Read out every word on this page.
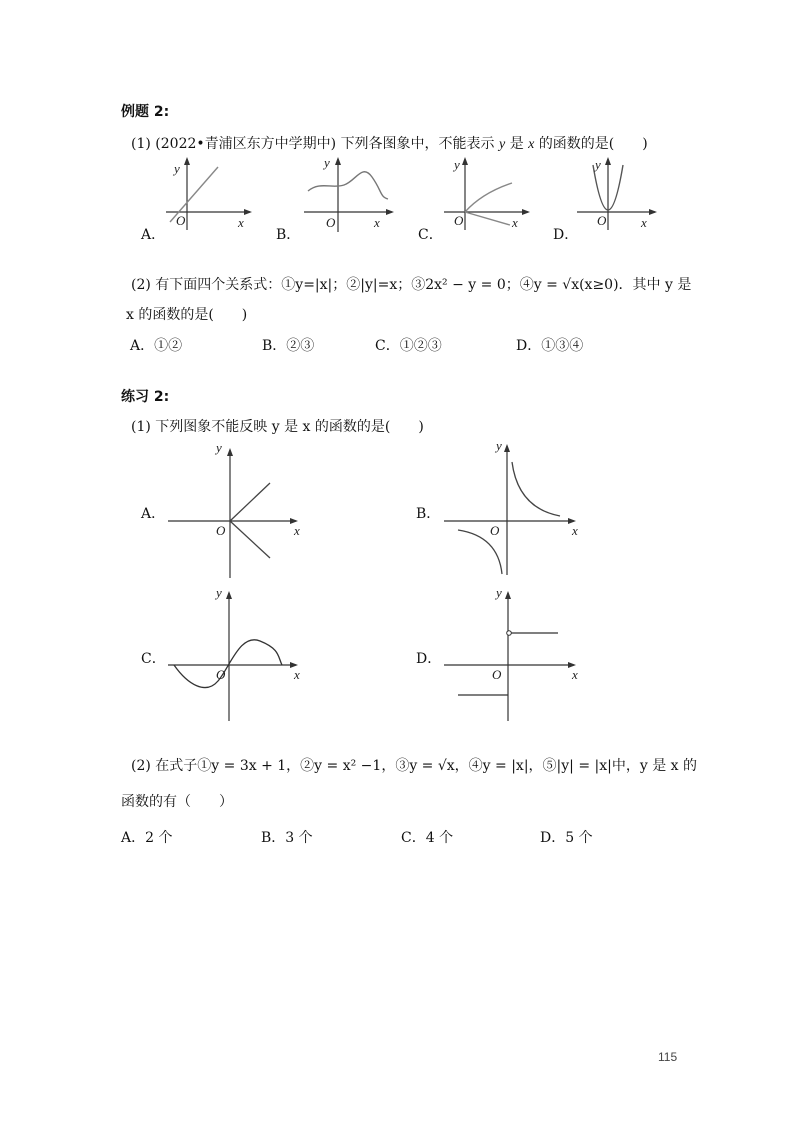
例题 2:
(1) (2022•青浦区东方中学期中) 下列各图象中，不能表示 y 是 x 的函数的是(　　)
A．	B．	C．	D．
y
x
O
y
x
O
y
x
O
y
x
O
(2) 有下面四个关系式：①y=|x|；②|y|=x；③2x² − y = 0；④y = √x(x≥0)．其中 y 是
x 的函数的是(　　)
A．①②	B．②③	C．①②③	D．①③④
练习 2:
(1) 下列图象不能反映 y 是 x 的函数的是(　　)
A．	B．
C．	D．
y
x
O
y
x
O
y
x
O
y
x
O
(2) 在式子①y = 3x + 1，②y = x² −1，③y = √x，④y = |x|，⑤|y| = |x|中，y 是 x 的
函数的有（　　）
A．2 个	B．3 个	C．4 个	D．5 个
115
